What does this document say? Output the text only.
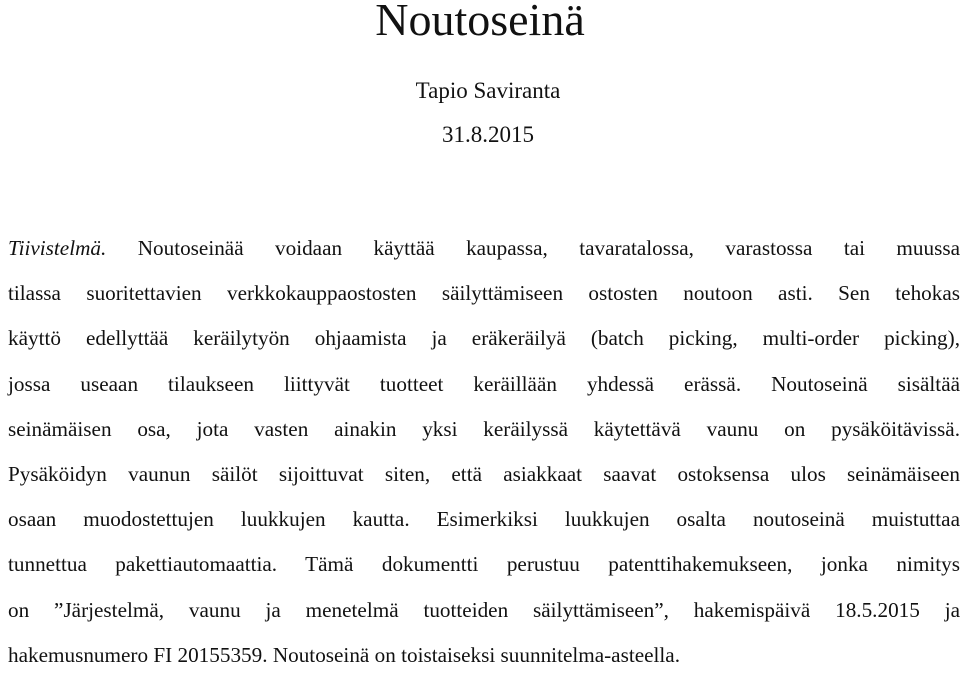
Noutoseinä
Tapio Saviranta
31.8.2015
Tiivistelmä. Noutoseinää voidaan käyttää kaupassa, tavaratalossa, varastossa tai muussa
tilassa suoritettavien verkkokauppaostosten säilyttämiseen ostosten noutoon asti. Sen tehokas
käyttö edellyttää keräilytyön ohjaamista ja eräkeräilyä (batch picking, multi-order picking),
jossa useaan tilaukseen liittyvät tuotteet keräillään yhdessä erässä. Noutoseinä sisältää
seinämäisen osa, jota vasten ainakin yksi keräilyssä käytettävä vaunu on pysäköitävissä.
Pysäköidyn vaunun säilöt sijoittuvat siten, että asiakkaat saavat ostoksensa ulos seinämäiseen
osaan muodostettujen luukkujen kautta. Esimerkiksi luukkujen osalta noutoseinä muistuttaa
tunnettua pakettiautomaattia. Tämä dokumentti perustuu patenttihakemukseen, jonka nimitys
on ”Järjestelmä, vaunu ja menetelmä tuotteiden säilyttämiseen”, hakemispäivä 18.5.2015 ja
hakemusnumero FI 20155359. Noutoseinä on toistaiseksi suunnitelma-asteella.
